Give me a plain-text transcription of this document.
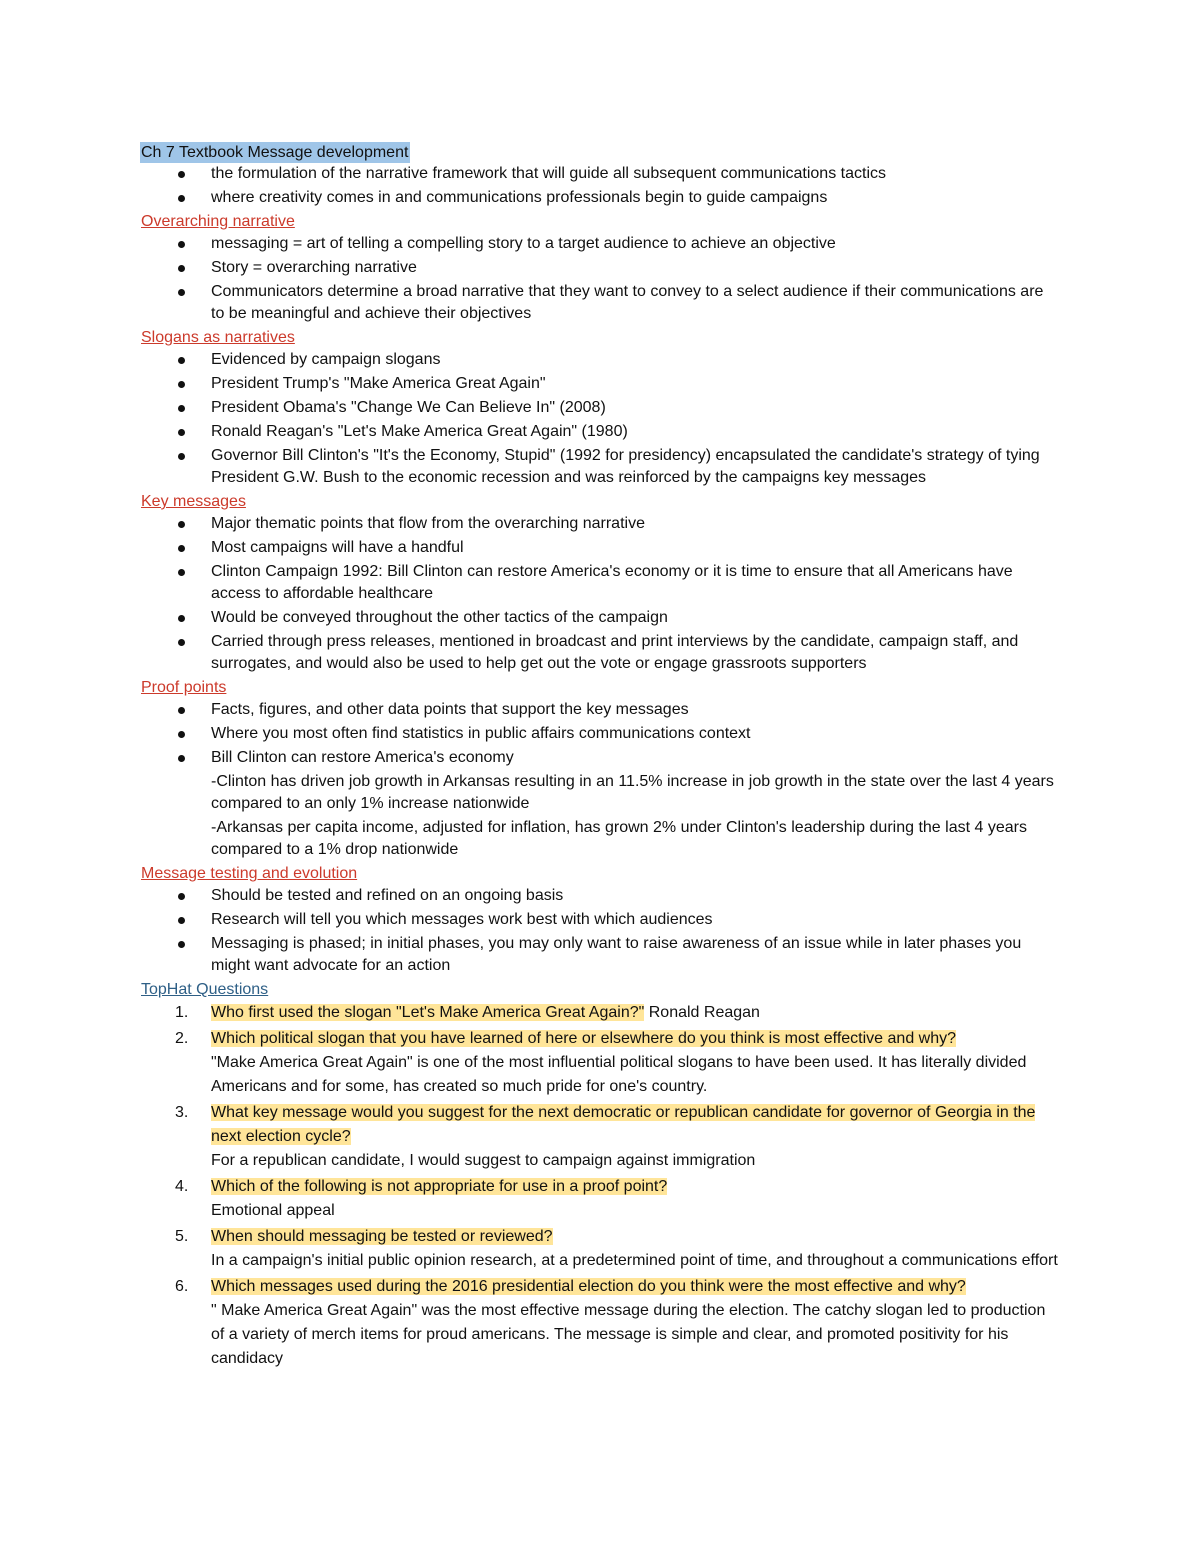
Ch 7 Textbook Message development
the formulation of the narrative framework that will guide all subsequent communications tactics
where creativity comes in and communications professionals begin to guide campaigns
Overarching narrative
messaging = art of telling a compelling story to a target audience to achieve an objective
Story = overarching narrative
Communicators determine a broad narrative that they want to convey to a select audience if their communications are to be meaningful and achieve their objectives
Slogans as narratives
Evidenced by campaign slogans
President Trump's "Make America Great Again"
President Obama's "Change We Can Believe In" (2008)
Ronald Reagan's "Let's Make America Great Again" (1980)
Governor Bill Clinton's "It's the Economy, Stupid" (1992 for presidency) encapsulated the candidate's strategy of tying President G.W. Bush to the economic recession and was reinforced by the campaigns key messages
Key messages
Major thematic points that flow from the overarching narrative
Most campaigns will have a handful
Clinton Campaign 1992: Bill Clinton can restore America's economy or it is time to ensure that all Americans have access to affordable healthcare
Would be conveyed throughout the other tactics of the campaign
Carried through press releases, mentioned in broadcast and print interviews by the candidate, campaign staff, and surrogates, and would also be used to help get out the vote or engage grassroots supporters
Proof points
Facts, figures, and other data points that support the key messages
Where you most often find statistics in public affairs communications context
Bill Clinton can restore America's economy
-Clinton has driven job growth in Arkansas resulting in an 11.5% increase in job growth in the state over the last 4 years compared to an only 1% increase nationwide
-Arkansas per capita income, adjusted for inflation, has grown 2% under Clinton's leadership during the last 4 years compared to a 1% drop nationwide
Message testing and evolution
Should be tested and refined on an ongoing basis
Research will tell you which messages work best with which audiences
Messaging is phased; in initial phases, you may only want to raise awareness of an issue while in later phases you might want advocate for an action
TopHat Questions
1. Who first used the slogan "Let's Make America Great Again?" Ronald Reagan
2. Which political slogan that you have learned of here or elsewhere do you think is most effective and why?
"Make America Great Again" is one of the most influential political slogans to have been used. It has literally divided Americans and for some, has created so much pride for one's country.
3. What key message would you suggest for the next democratic or republican candidate for governor of Georgia in the next election cycle?
For a republican candidate, I would suggest to campaign against immigration
4. Which of the following is not appropriate for use in a proof point?
Emotional appeal
5. When should messaging be tested or reviewed?
In a campaign's initial public opinion research, at a predetermined point of time, and throughout a communications effort
6. Which messages used during the 2016 presidential election do you think were the most effective and why?
" Make America Great Again" was the most effective message during the election. The catchy slogan led to production of a variety of merch items for proud americans. The message is simple and clear, and promoted positivity for his candidacy
